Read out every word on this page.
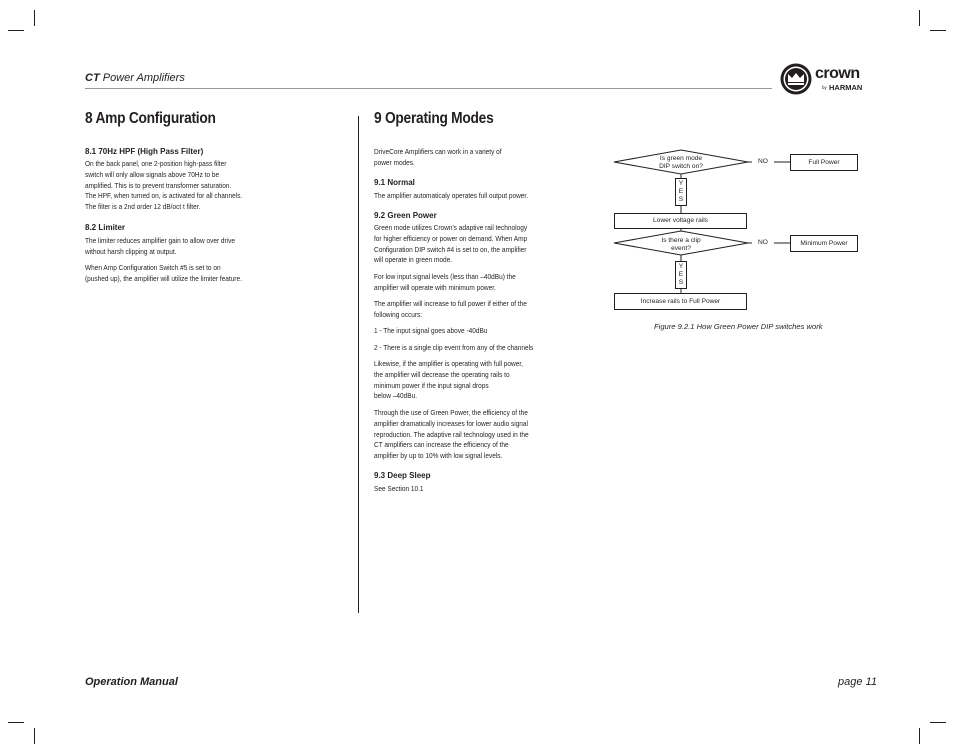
CT Power Amplifiers	crown
by HARMAN
8 Amp Configuration
8.1 70Hz HPF (High Pass Filter)
On the back panel, one 2-position high-pass filter
switch will only allow signals above 70Hz to be
amplified. This is to prevent transformer saturation.
The HPF, when turned on, is activated for all channels.
The filter is a 2nd order 12 dB/oct t filter.
8.2 Limiter
The limiter reduces amplifier gain to allow over drive
without harsh clipping at output.
When Amp Configuration Switch #5 is set to on
(pushed up), the amplifier will utilize the limiter feature.
9 Operating Modes
DriveCore Amplifiers can work in a variety of
power modes.
9.1 Normal
The amplifier automaticaly operates full output power.
9.2 Green Power
Green mode utilizes Crown's adaptive rail technology
for higher efficiency or power on demand. When Amp
Configuration DIP switch #4 is set to on, the amplifier
will operate in green mode.
For low input signal levels (less than –40dBu) the
amplifier will operate with minimum power.
The amplifier will increase to full power if either of the
following occurs:
1 - The input signal goes above -40dBu
2 - There is a single clip event from any of the channels
Likewise, if the amplifier is operating with full power,
the amplifier will decrease the operating rails to
minimum power if the input signal drops
below –40dBu.
Through the use of Green Power, the efficiency of the
amplifier dramatically increases for lower audio signal
reproduction. The adaptive rail technology used in the
CT amplifiers can increase the efficiency of the
amplifier by up to 10% with low signal levels.
9.3 Deep Sleep
See Section 10.1
Is green mode
DIP switch on?
NO	Full Power
Y
E
S
Lower voltage rails
Is there a clip
event?
NO	Minimum Power
Y
E
S
Increase rails to Full Power
Figure 9.2.1 How Green Power DIP switches work
Operation Manual	page 11
